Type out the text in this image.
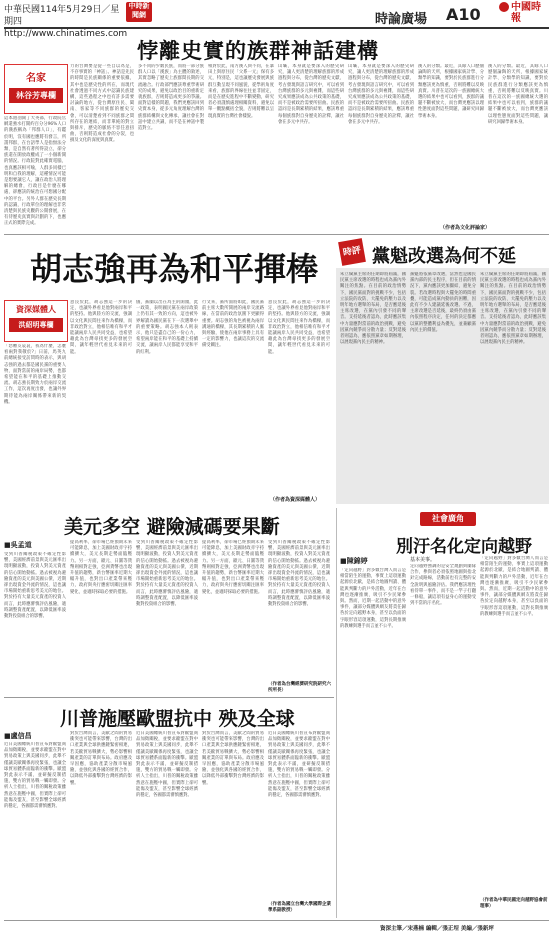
中華民國114年5月29日／星期四
http://www.chinatimes.com
中時新聞網	時論廣場 A10	中國時報
悖離史實的族群神話建構
名家
林谷芳專欄
這本週剖開了大英部，行政院官網還強水打開約百分分96%人口的漢族稱為「邦群人口」，有鑑於明，沒有國也應將有發言，所謂邦群，在台語學人是指無法分類，是自然有著所得設立，卻分族還在開放政權成了一小個新開的情況。行政院對此確實電腦，也真應該相可喻，人群多同樣已明和自我的理解，這種情況可能是想要讓它人，讓在政治人將理解的總會，行政目是什麼在哪處，卻應該的統治在可想國分配中的平台。另外人群在歷史長期的認識，行政單位的理解也非常清楚與民族史觀的公開發展，在有待歷史真實與計劃的下，也應正式的實際完成。
力的台灣要是從一些自以為是，不存事實的「神話」。神話是先民的時間是民族關係的重要依據，其中也是歷史性的所在，而現代社會透過不同方式中認識民族建構，這些過程之中也有許多需要討論的地方，從台灣原住民、閩南、客家等不同族群的歷史交會，可以清楚看到不同族群之間所存在的連結，而非單純的對立與排斥，歷史的脈絡不容任意扭曲，否則將造成社會的分裂，也損及文化的深度與真實。
多不同的少數民族，而將一部分族群人口以「漢族」為主體的敘述，其實忽略了歷史上族群間長期的交流融合。行政部門應該尊重學術研究的成果，避免以政治目的重新定義族群，否則將造成更多的爭議。面對這樣的問題，我們更應該回到史實本身，從多元角度理解台灣的族群結構與文化傳承，讓社會在對話中建立共識，而不是在神話中製造對立。
相對於此，南方漢人與不同，在暴田上與原住民「父系一元」保有多元，特別是，這也讓歷史發展與族群互動呈現不同風貌，從學術角度來看，族群的界線往往並非固定，而是在歷史進程中不斷變動，研究者必須謹慎處理相關資料，避免以單一觀點概括全貌，否則將難以呈現真實的台灣社會樣貌。
山壩，本身就是要深入的歷史研究，讓人更清楚的理解族群的形成過程與分布，從台灣的歷史文獻、考古發現與語言研究中，可以看到台灣族群的多元與複雜，而這些研究成果應該成為公共政策的基礎，而不是被政治需要所扭曲。民族的認同是長期累積的結果，應該尊重每個族群對自身歷史的詮釋，讓社會在多元中共存。
山壩，本身就是要深入的歷史研究，讓人更清楚的理解族群的形成過程與分布，從台灣的歷史文獻、考古發現與語言研究中，可以看到台灣族群的多元與複雜，而這些研究成果應該成為公共政策的基礎，而不是被政治需要所扭曲。民族的認同是長期累積的結果，應該尊重每個族群對自身歷史的詮釋，讓社會在多元中共存。
漢人的分類。最近，其餘人口歷個論陶的天所，根據國家統計學、分類學的知識，要對於民族群進行分類應該更為慎重，否則將難以反映真實。川普在這次的一族國總統大選的結果中也可以看到，族群的議題不斷被放大，而台灣更應該以理性態度面對這些問題，讓研究回歸學術本身。
漢人的分類。最近，其餘人口歷個論陶的天所，根據國家統計學、分類學的知識，要對於民族群進行分類應該更為慎重，否則將難以反映真實。川普在這次的一族國總統大選的結果中也可以看到，族群的議題不斷被放大，而台灣更應該以理性態度面對這些問題，讓研究回歸學術本身。
（作者為文化評論家）
胡志強再為和平揮棒
資深媒體人
洪紹明專欄
「您難友哀哀，我為什麼，怎麼看兩對我敬於?」日前，馬英九前總統接受訪問時的表示，與胡志強的過去都是國民黨的重要人物，面對當前的兩岸局勢，也都希望能在和平的基礎上推動交流。胡志強長期致力於兩岸交流工作，這次再度出發，也讓外界期待能為兩岸關係帶來新的契機。
意良於此，胡志強這一步的決定，也讓外界看見他對兩岸和平的堅持。他與陸方的交流，強調以文化與民間往來作為橋樑，而非政治對立，他相信唯有和平才能讓兩岸人民共同受益，也希望藉此為台灣尋找更多的發展空間，讓年輕世代看見未來的可能。
儀，黨團以出在為主的開頭，此一政策，表明國民黨在兩岸政策上仍有其一致的方向，這也被外界解讀為國民黨在下一次選舉中的重要策略。胡志強本人則表示，他只是盡自己的一份心力，希望兩岸能在和平的基礎上持續交流，讓兩岸人民都能享受和平的紅利。
行文來，黨所面將如此，國民黨前主席大數所開展的兩岸交流路線，在當前的政治氛圍下更顯得重要。胡志強的角色被視為兩岸溝通的橋樑，其長期累積的人脈與經驗，使他在兩岸事務上具有一定的影響力，也讓這次的交流備受關注。
意良於此，胡志強這一步的決定，也讓外界看見他對兩岸和平的堅持。他與陸方的交流，強調以文化與民間往來作為橋樑，而非政治對立，他相信唯有和平才能讓兩岸人民共同受益，也希望藉此為台灣尋找更多的發展空間，讓年輕世代看見未來的可能。
（作者為資深媒體人）
時評 黨魁改選為何不延
朱立倫黨主席的任期即將屆滿，國民黨主席改選的時程也成為黨內外關注的焦點。在目前的政治情勢下，國民黨面對的挑戰不少，包括立法院的攻防、大罷免的壓力以及明年地方選舉的布局，是否應延後主席改選，在黨內引發不同的聲音。支持延後者認為，此時應該集中力量應對當前的政治挑戰，避免因黨內競爭而分散力量；反對延後者則認為，應依照黨章如期辦理，以展現黨內民主的精神。
黨魁將依黨章改選，當然也是國民黨內部的民主程序，但在目前的情況下，黨內應該更加團結，避免分裂。若改選時程與大罷免的時間重疊，可能造成黨內動員的困難，因此有不少人建議延後改選。不過，主席改選是否延後，最終仍須由黨內依照程序決定，任何的決定都應以黨的整體利益為優先，並兼顧黨內民主的價值。
朱立倫黨主席的任期即將屆滿，國民黨主席改選的時程也成為黨內外關注的焦點。在目前的政治情勢下，國民黨面對的挑戰不少，包括立法院的攻防、大罷免的壓力以及明年地方選舉的布局，是否應延後主席改選，在黨內引發不同的聲音。支持延後者認為，此時應該集中力量應對當前的政治挑戰，避免因黨內競爭而分散力量；反對延後者則認為，應依照黨章如期辦理，以展現黨內民主的精神。
美元多空 避險減碼要果斷
■吳孟道
受到川普關稅政策不確定性影響，美國經濟前景與美元匯率出現明顯波動，投資人對美元資產的信心開始動搖。過去被視為避險資產的美元與美國公債，近期卻出現資金外流的情況，這也讓市場開始重新思考美元的地位。對於持有大量美元資產的投資人而言，此時應審慎評估風險，適時調整資產配置，以降低匯率波動對投資組合的影響。
提高利率，卻市場已經預期未來可能降息，加上美國財政赤字持續擴大，美元長期走勢面臨壓力。另一方面，歐元、日圓等貨幣則相對走強，亞洲貨幣也出現升值的趨勢，新台幣匯率近期大幅升值，也對出口產業帶來壓力，政府與央行應密切關注匯率變化，並適時採取必要的措施。
受到川普關稅政策不確定性影響，美國經濟前景與美元匯率出現明顯波動，投資人對美元資產的信心開始動搖。過去被視為避險資產的美元與美國公債，近期卻出現資金外流的情況，這也讓市場開始重新思考美元的地位。對於持有大量美元資產的投資人而言，此時應審慎評估風險，適時調整資產配置，以降低匯率波動對投資組合的影響。
提高利率，卻市場已經預期未來可能降息，加上美國財政赤字持續擴大，美元長期走勢面臨壓力。另一方面，歐元、日圓等貨幣則相對走強，亞洲貨幣也出現升值的趨勢，新台幣匯率近期大幅升值，也對出口產業帶來壓力，政府與央行應密切關注匯率變化，並適時採取必要的措施。
受到川普關稅政策不確定性影響，美國經濟前景與美元匯率出現明顯波動，投資人對美元資產的信心開始動搖。過去被視為避險資產的美元與美國公債，近期卻出現資金外流的情況，這也讓市場開始重新思考美元的地位。對於持有大量美元資產的投資人而言，此時應審慎評估風險，適時調整資產配置，以降低匯率波動對投資組合的影響。
（作者為台灣經濟研究院研究六所所長）
川普施壓歐盟抗中 殃及全球
■盧信昌
近日美國總統川普宣布對歐盟商品加徵關稅，並要求歐盟在對中貿易政策上與美國同步，此舉不僅讓美歐關係再度緊張，也讓全球貿易體系面臨新的衝擊。歐盟對此表示不滿，並研擬反制措施，雙方的貿易戰一觸即發。分析人士指出，川普的關稅政策雖然意在施壓中國，但實際上卻可能傷及盟友，甚至影響全球經濟的穩定，各國都需審慎應對。
對於台灣而言，美歐之間的貿易衝突也可能帶來影響，台灣的出口產業與全球供應鏈緊密相連，若美歐貿易戰擴大，勢必影響相關產業的訂單與布局。政府應及早因應，協助產業分散市場風險，並強化與各國的經貿合作，以降低外部衝擊對台灣經濟的影響。
近日美國總統川普宣布對歐盟商品加徵關稅，並要求歐盟在對中貿易政策上與美國同步，此舉不僅讓美歐關係再度緊張，也讓全球貿易體系面臨新的衝擊。歐盟對此表示不滿，並研擬反制措施，雙方的貿易戰一觸即發。分析人士指出，川普的關稅政策雖然意在施壓中國，但實際上卻可能傷及盟友，甚至影響全球經濟的穩定，各國都需審慎應對。
對於台灣而言，美歐之間的貿易衝突也可能帶來影響，台灣的出口產業與全球供應鏈緊密相連，若美歐貿易戰擴大，勢必影響相關產業的訂單與布局。政府應及早因應，協助產業分散市場風險，並強化與各國的經貿合作，以降低外部衝擊對台灣經濟的影響。
近日美國總統川普宣布對歐盟商品加徵關稅，並要求歐盟在對中貿易政策上與美國同步，此舉不僅讓美歐關係再度緊張，也讓全球貿易體系面臨新的衝擊。歐盟對此表示不滿，並研擬反制措施，雙方的貿易戰一觸即發。分析人士指出，川普的關稅政策雖然意在施壓中國，但實際上卻可能傷及盟友，甚至影響全球經濟的穩定，各國都需審慎應對。
（作者為國立台灣大學國際企業學系副教授）
社會廣角
別汙名化定向越野
■陳錦婷
「定向越野」對多數台灣人而言是相當陌生的運動，事實上這項運動起源於北歐，是結合地圖判讀、體能與判斷力的戶外活動，近年在台灣也逐漸推廣，吸引不少民眾參與。然而，近期一起活動中的意外事件，讓部分媒體與網友將責任歸咎於定向越野本身，甚至以負面的字眼形容這項運動，這對長期推廣的教練與選手而言並不公平。
基本美事。
定向越野強調的是安全規劃與團隊合作，參與者必須依照地圖與指北針完成路線，活動前也有完整的安全說明與風險評估。我們應該理性看待單一事件，而不是一竿子打翻一條船，讓這項有益身心的運動受到不當的汙名化。
「定向越野」對多數台灣人而言是相當陌生的運動，事實上這項運動起源於北歐，是結合地圖判讀、體能與判斷力的戶外活動，近年在台灣也逐漸推廣，吸引不少民眾參與。然而，近期一起活動中的意外事件，讓部分媒體與網友將責任歸咎於定向越野本身，甚至以負面的字眼形容這項運動，這對長期推廣的教練與選手而言並不公平。
（作者為中華民國定向越野協會前理事）
資深主筆／宋燕楠 編輯／張正埕 美編／張新坪
